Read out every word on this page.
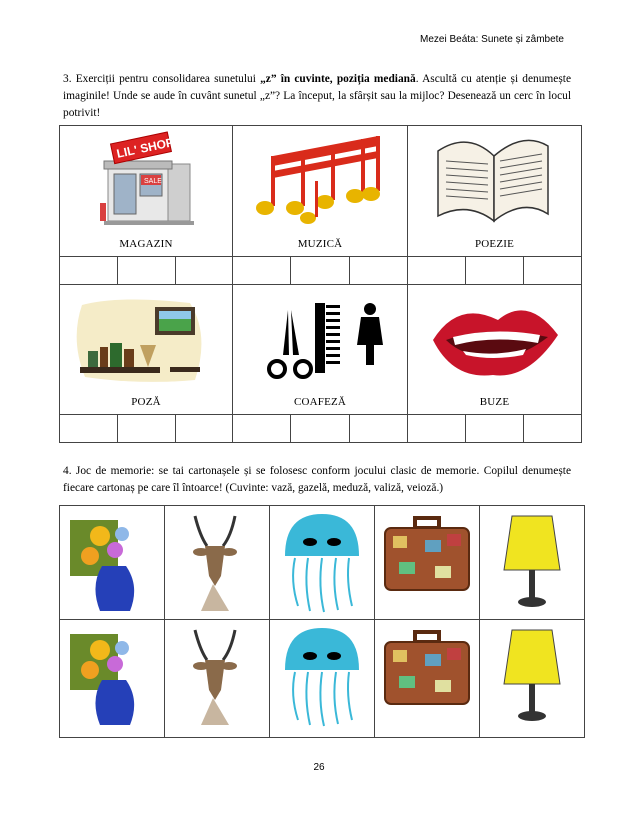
Mezei Beáta: Sunete și zâmbete
3. Exerciții pentru consolidarea sunetului „z” în cuvinte, poziția mediană. Ascultă cu atenție și denumește imaginile! Unde se aude în cuvânt sunetul „z”? La început, la sfârșit sau la mijloc? Desenează un cerc în locul potrivit!
SALE
LIL' SHOP
MAGAZIN			MUZICĂ			POEZIE		

POZĂ			COAFEZĂ			BUZE		

4. Joc de memorie: se tai cartonașele și se folosesc conform jocului clasic de memorie. Copilul denumește fiecare cartonaș pe care îl întoarce! (Cuvinte: vază, gazelă, meduză, valiză, veioză.)

26
